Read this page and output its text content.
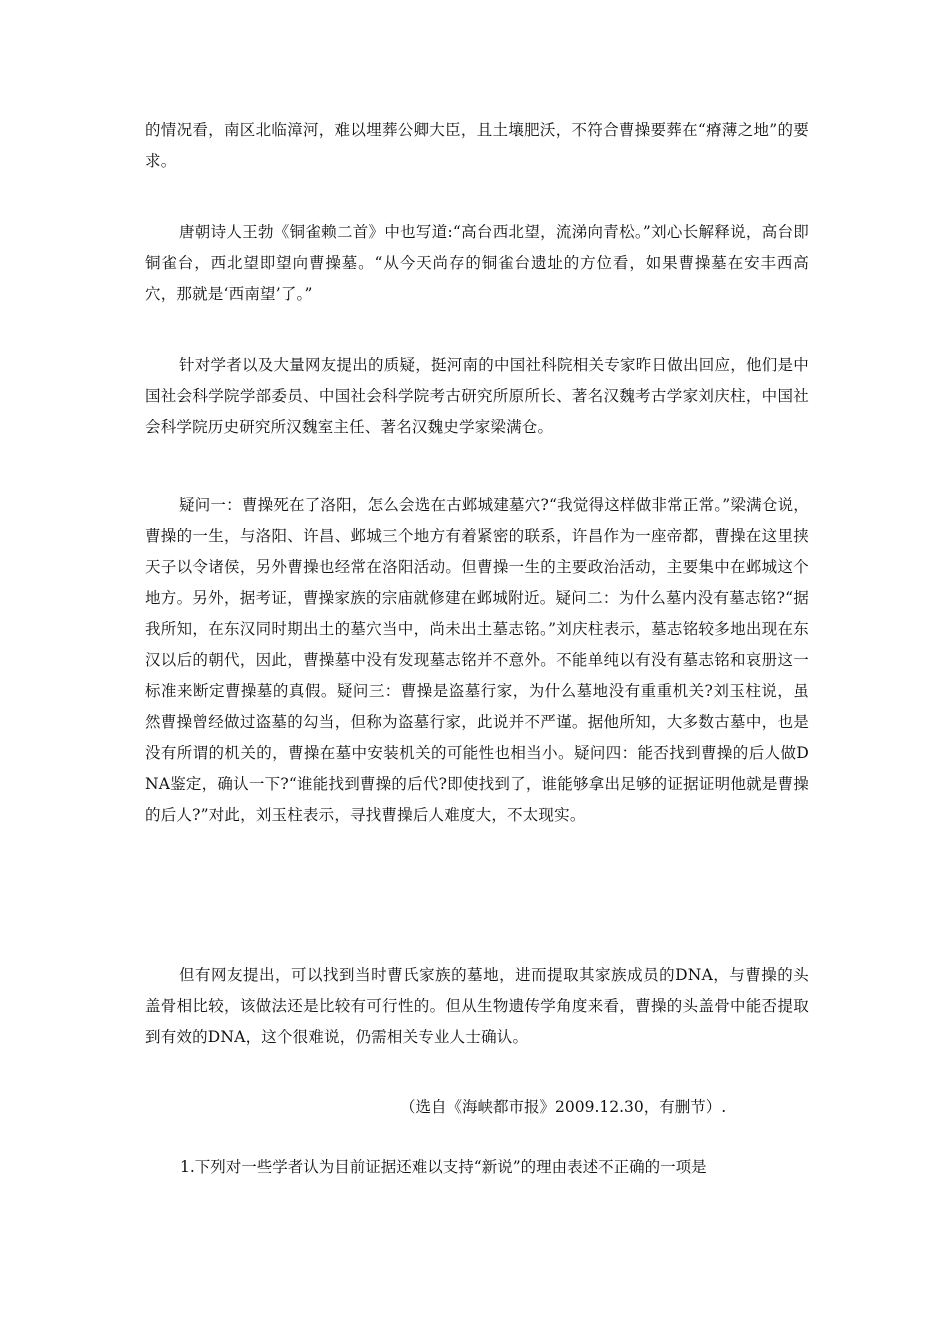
的情况看，南区北临漳河，难以埋葬公卿大臣，且土壤肥沃，不符合曹操要葬在“瘠薄之地”的要求。
唐朝诗人王勃《铜雀赖二首》中也写道:“高台西北望，流涕向青松。”刘心长解释说，高台即铜雀台，西北望即望向曹操墓。“从今天尚存的铜雀台遗址的方位看，如果曹操墓在安丰西高穴，那就是‘西南望’了。”
针对学者以及大量网友提出的质疑，挺河南的中国社科院相关专家昨日做出回应，他们是中国社会科学院学部委员、中国社会科学院考古研究所原所长、著名汉魏考古学家刘庆柱，中国社会科学院历史研究所汉魏室主任、著名汉魏史学家梁满仓。
疑问一：曹操死在了洛阳，怎么会选在古邺城建墓穴?“我觉得这样做非常正常。”梁满仓说，曹操的一生，与洛阳、许昌、邺城三个地方有着紧密的联系，许昌作为一座帝都，曹操在这里挟天子以令诸侯，另外曹操也经常在洛阳活动。但曹操一生的主要政治活动，主要集中在邺城这个地方。另外，据考证，曹操家族的宗庙就修建在邺城附近。疑问二：为什么墓内没有墓志铭?“据我所知，在东汉同时期出土的墓穴当中，尚未出土墓志铭。”刘庆柱表示，墓志铭较多地出现在东汉以后的朝代，因此，曹操墓中没有发现墓志铭并不意外。不能单纯以有没有墓志铭和哀册这一标准来断定曹操墓的真假。疑问三：曹操是盗墓行家，为什么墓地没有重重机关?刘玉柱说，虽然曹操曾经做过盗墓的勾当，但称为盗墓行家，此说并不严谨。据他所知，大多数古墓中，也是没有所谓的机关的，曹操在墓中安装机关的可能性也相当小。疑问四：能否找到曹操的后人做DNA鉴定，确认一下?“谁能找到曹操的后代?即使找到了，谁能够拿出足够的证据证明他就是曹操的后人?”对此，刘玉柱表示，寻找曹操后人难度大，不太现实。
但有网友提出，可以找到当时曹氏家族的墓地，进而提取其家族成员的DNA，与曹操的头盖骨相比较，该做法还是比较有可行性的。但从生物遗传学角度来看，曹操的头盖骨中能否提取到有效的DNA，这个很难说，仍需相关专业人士确认。
（选自《海峡都市报》2009.12.30，有删节）.
1.下列对一些学者认为目前证据还难以支持“新说”的理由表述不正确的一项是
